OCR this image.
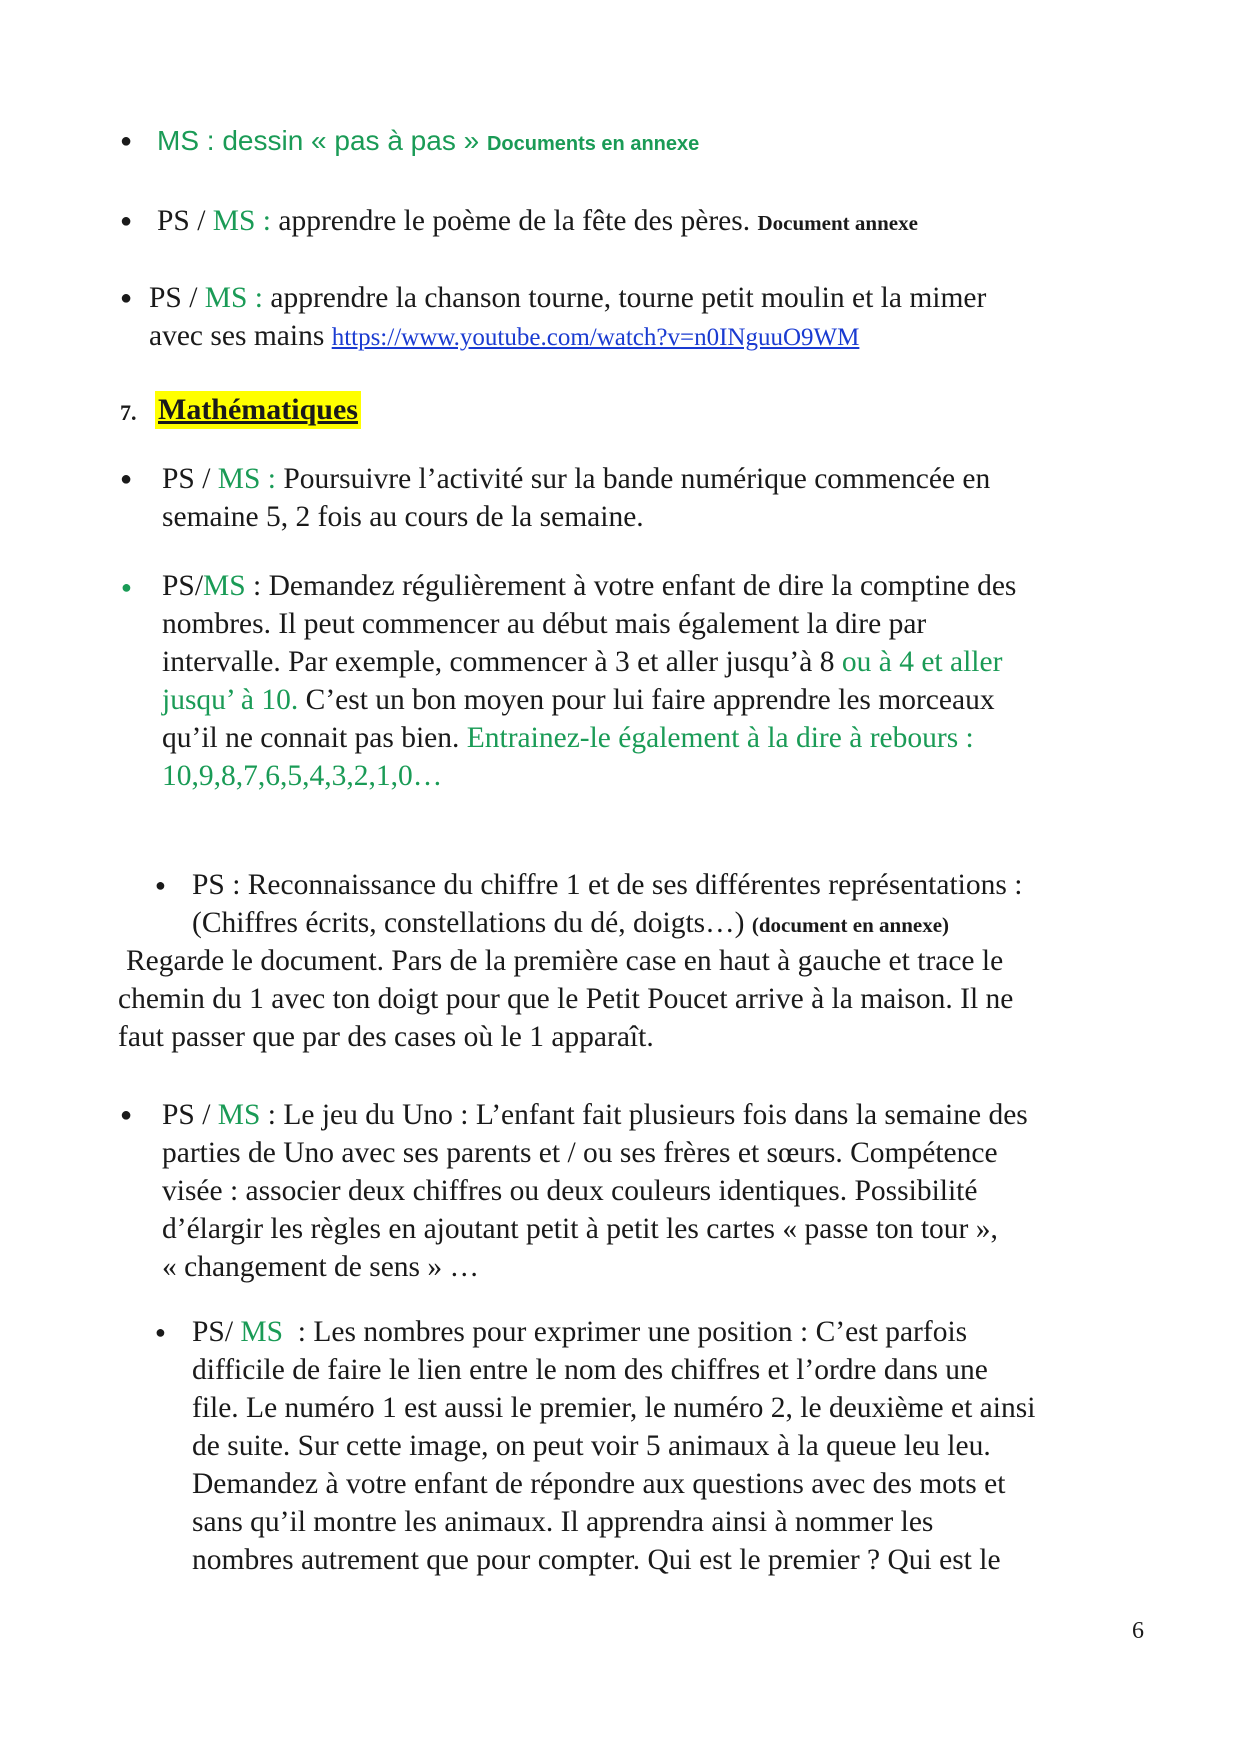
● MS : dessin « pas à pas » Documents en annexe
● PS / MS : apprendre le poème de la fête des pères. Document annexe
● PS / MS : apprendre la chanson tourne, tourne petit moulin et la mimer
avec ses mains https://www.youtube.com/watch?v=n0INguuO9WM
7. Mathématiques
● PS / MS : Poursuivre l’activité sur la bande numérique commencée en
semaine 5, 2 fois au cours de la semaine.
● PS/MS : Demandez régulièrement à votre enfant de dire la comptine des
nombres. Il peut commencer au début mais également la dire par
intervalle. Par exemple, commencer à 3 et aller jusqu’à 8 ou à 4 et aller
jusqu’ à 10. C’est un bon moyen pour lui faire apprendre les morceaux
qu’il ne connait pas bien. Entrainez-le également à la dire à rebours :
10,9,8,7,6,5,4,3,2,1,0…
● PS : Reconnaissance du chiffre 1 et de ses différentes représentations :
(Chiffres écrits, constellations du dé, doigts…) (document en annexe)
Regarde le document. Pars de la première case en haut à gauche et trace le
chemin du 1 avec ton doigt pour que le Petit Poucet arrive à la maison. Il ne
faut passer que par des cases où le 1 apparaît.
● PS / MS : Le jeu du Uno : L’enfant fait plusieurs fois dans la semaine des
parties de Uno avec ses parents et / ou ses frères et sœurs. Compétence
visée : associer deux chiffres ou deux couleurs identiques. Possibilité
d’élargir les règles en ajoutant petit à petit les cartes « passe ton tour »,
« changement de sens » …
● PS/ MS : Les nombres pour exprimer une position : C’est parfois
difficile de faire le lien entre le nom des chiffres et l’ordre dans une
file. Le numéro 1 est aussi le premier, le numéro 2, le deuxième et ainsi
de suite. Sur cette image, on peut voir 5 animaux à la queue leu leu.
Demandez à votre enfant de répondre aux questions avec des mots et
sans qu’il montre les animaux. Il apprendra ainsi à nommer les
nombres autrement que pour compter. Qui est le premier ? Qui est le
6
